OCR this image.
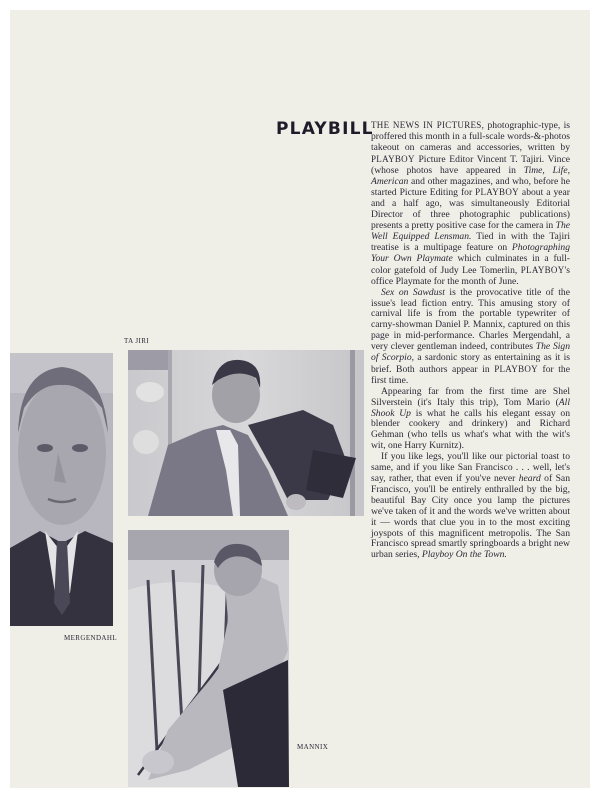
PLAYBILL

THE NEWS IN PICTURES, photographic-type, is proffered this month in a full-scale words-&-photos takeout on cameras and accessories, written by PLAYBOY Picture Editor Vincent T. Tajiri. Vince (whose photos have appeared in Time, Life, American and other magazines, and who, before he started Picture Editing for PLAYBOY about a year and a half ago, was simultaneously Editorial Director of three photographic publications) presents a pretty positive case for the camera in The Well Equipped Lensman. Tied in with the Tajiri treatise is a multipage feature on Photographing Your Own Playmate which culminates in a full-color gatefold of Judy Lee Tomerlin, PLAYBOY's office Playmate for the month of June.

Sex on Sawdust is the provocative title of the issue's lead fiction entry. This amusing story of carnival life is from the portable typewriter of carny-showman Daniel P. Mannix, captured on this page in mid-performance. Charles Mergendahl, a very clever gentleman indeed, contributes The Sign of Scorpio, a sardonic story as entertaining as it is brief. Both authors appear in PLAYBOY for the first time.

Appearing far from the first time are Shel Silverstein (it's Italy this trip), Tom Mario (All Shook Up is what he calls his elegant essay on blender cookery and drinkery) and Richard Gehman (who tells us what's what with the wit's wit, one Harry Kurnitz).

If you like legs, you'll like our pictorial toast to same, and if you like San Francisco . . . well, let's say, rather, that even if you've never heard of San Francisco, you'll be entirely enthralled by the big, beautiful Bay City once you lamp the pictures we've taken of it and the words we've written about it — words that clue you in to the most exciting joyspots of this magnificent metropolis. The San Francisco spread smartly springboards a bright new urban series, Playboy On the Town.

TA JIRI
MERGENDAHL
MANNIX
